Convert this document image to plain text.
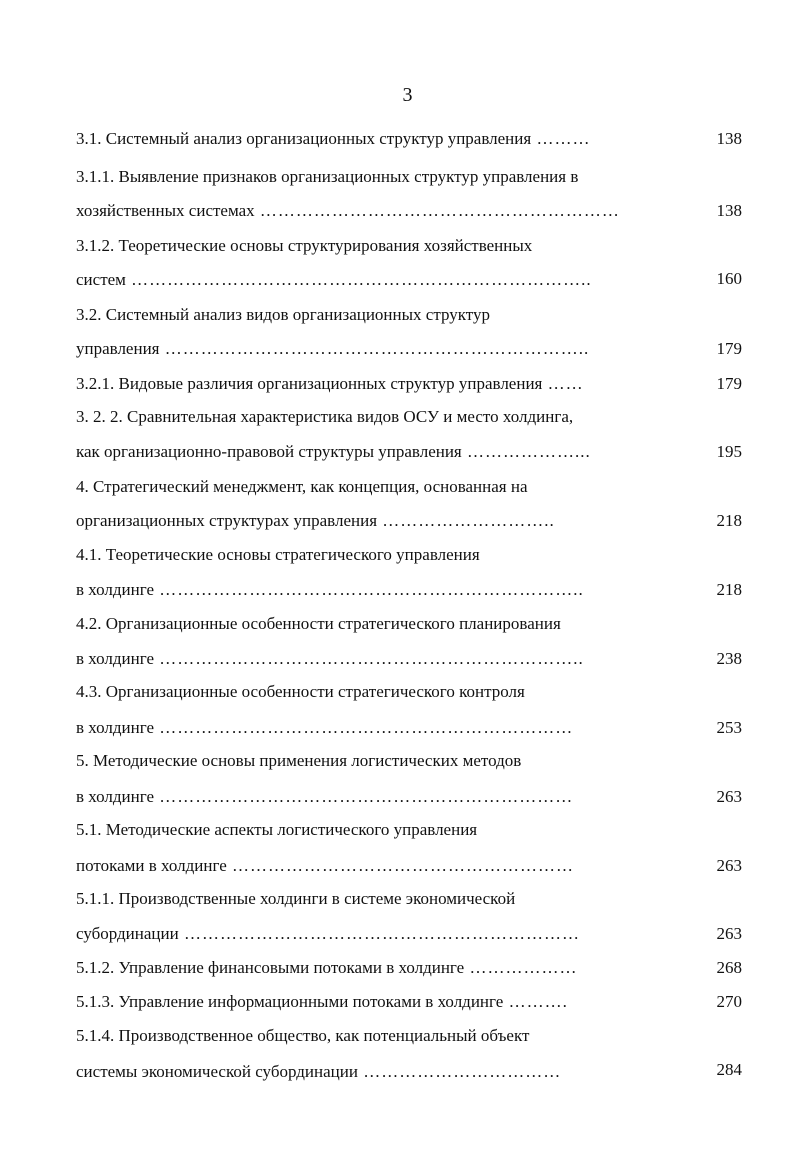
3
3.1. Системный анализ организационных структур управления ………	138
3.1.1. Выявление признаков организационных структур управления в
хозяйственных системах ……………………………………………………	138
3.1.2. Теоретические основы структурирования хозяйственных
систем …………………………………………………………………..	160
3.2. Системный анализ видов организационных структур
управления ……………………………………………………………..	179
3.2.1. Видовые различия организационных структур управления ……	179
3. 2. 2. Сравнительная характеристика видов ОСУ и место холдинга,
как организационно-правовой структуры управления ………………...	195
4. Стратегический менеджмент, как концепция, основанная на
организационных структурах управления ………………………..	218
4.1. Теоретические основы стратегического управления
в холдинге ……………………………………………………………..	218
4.2. Организационные особенности стратегического планирования
в холдинге ……………………………………………………………..	238
4.3. Организационные особенности стратегического контроля
в холдинге ……………………………………………………………	253
5. Методические основы применения логистических методов
в холдинге ……………………………………………………………	263
5.1. Методические аспекты логистического управления
потоками в холдинге …………………………………………………	263
5.1.1. Производственные холдинги в системе экономической
субординации …………………………………………………………	263
5.1.2. Управление финансовыми потоками в холдинге ………………	268
5.1.3. Управление информационными потоками в холдинге ……….	270
5.1.4. Производственное общество, как потенциальный объект
системы экономической субординации ……………………………	284
